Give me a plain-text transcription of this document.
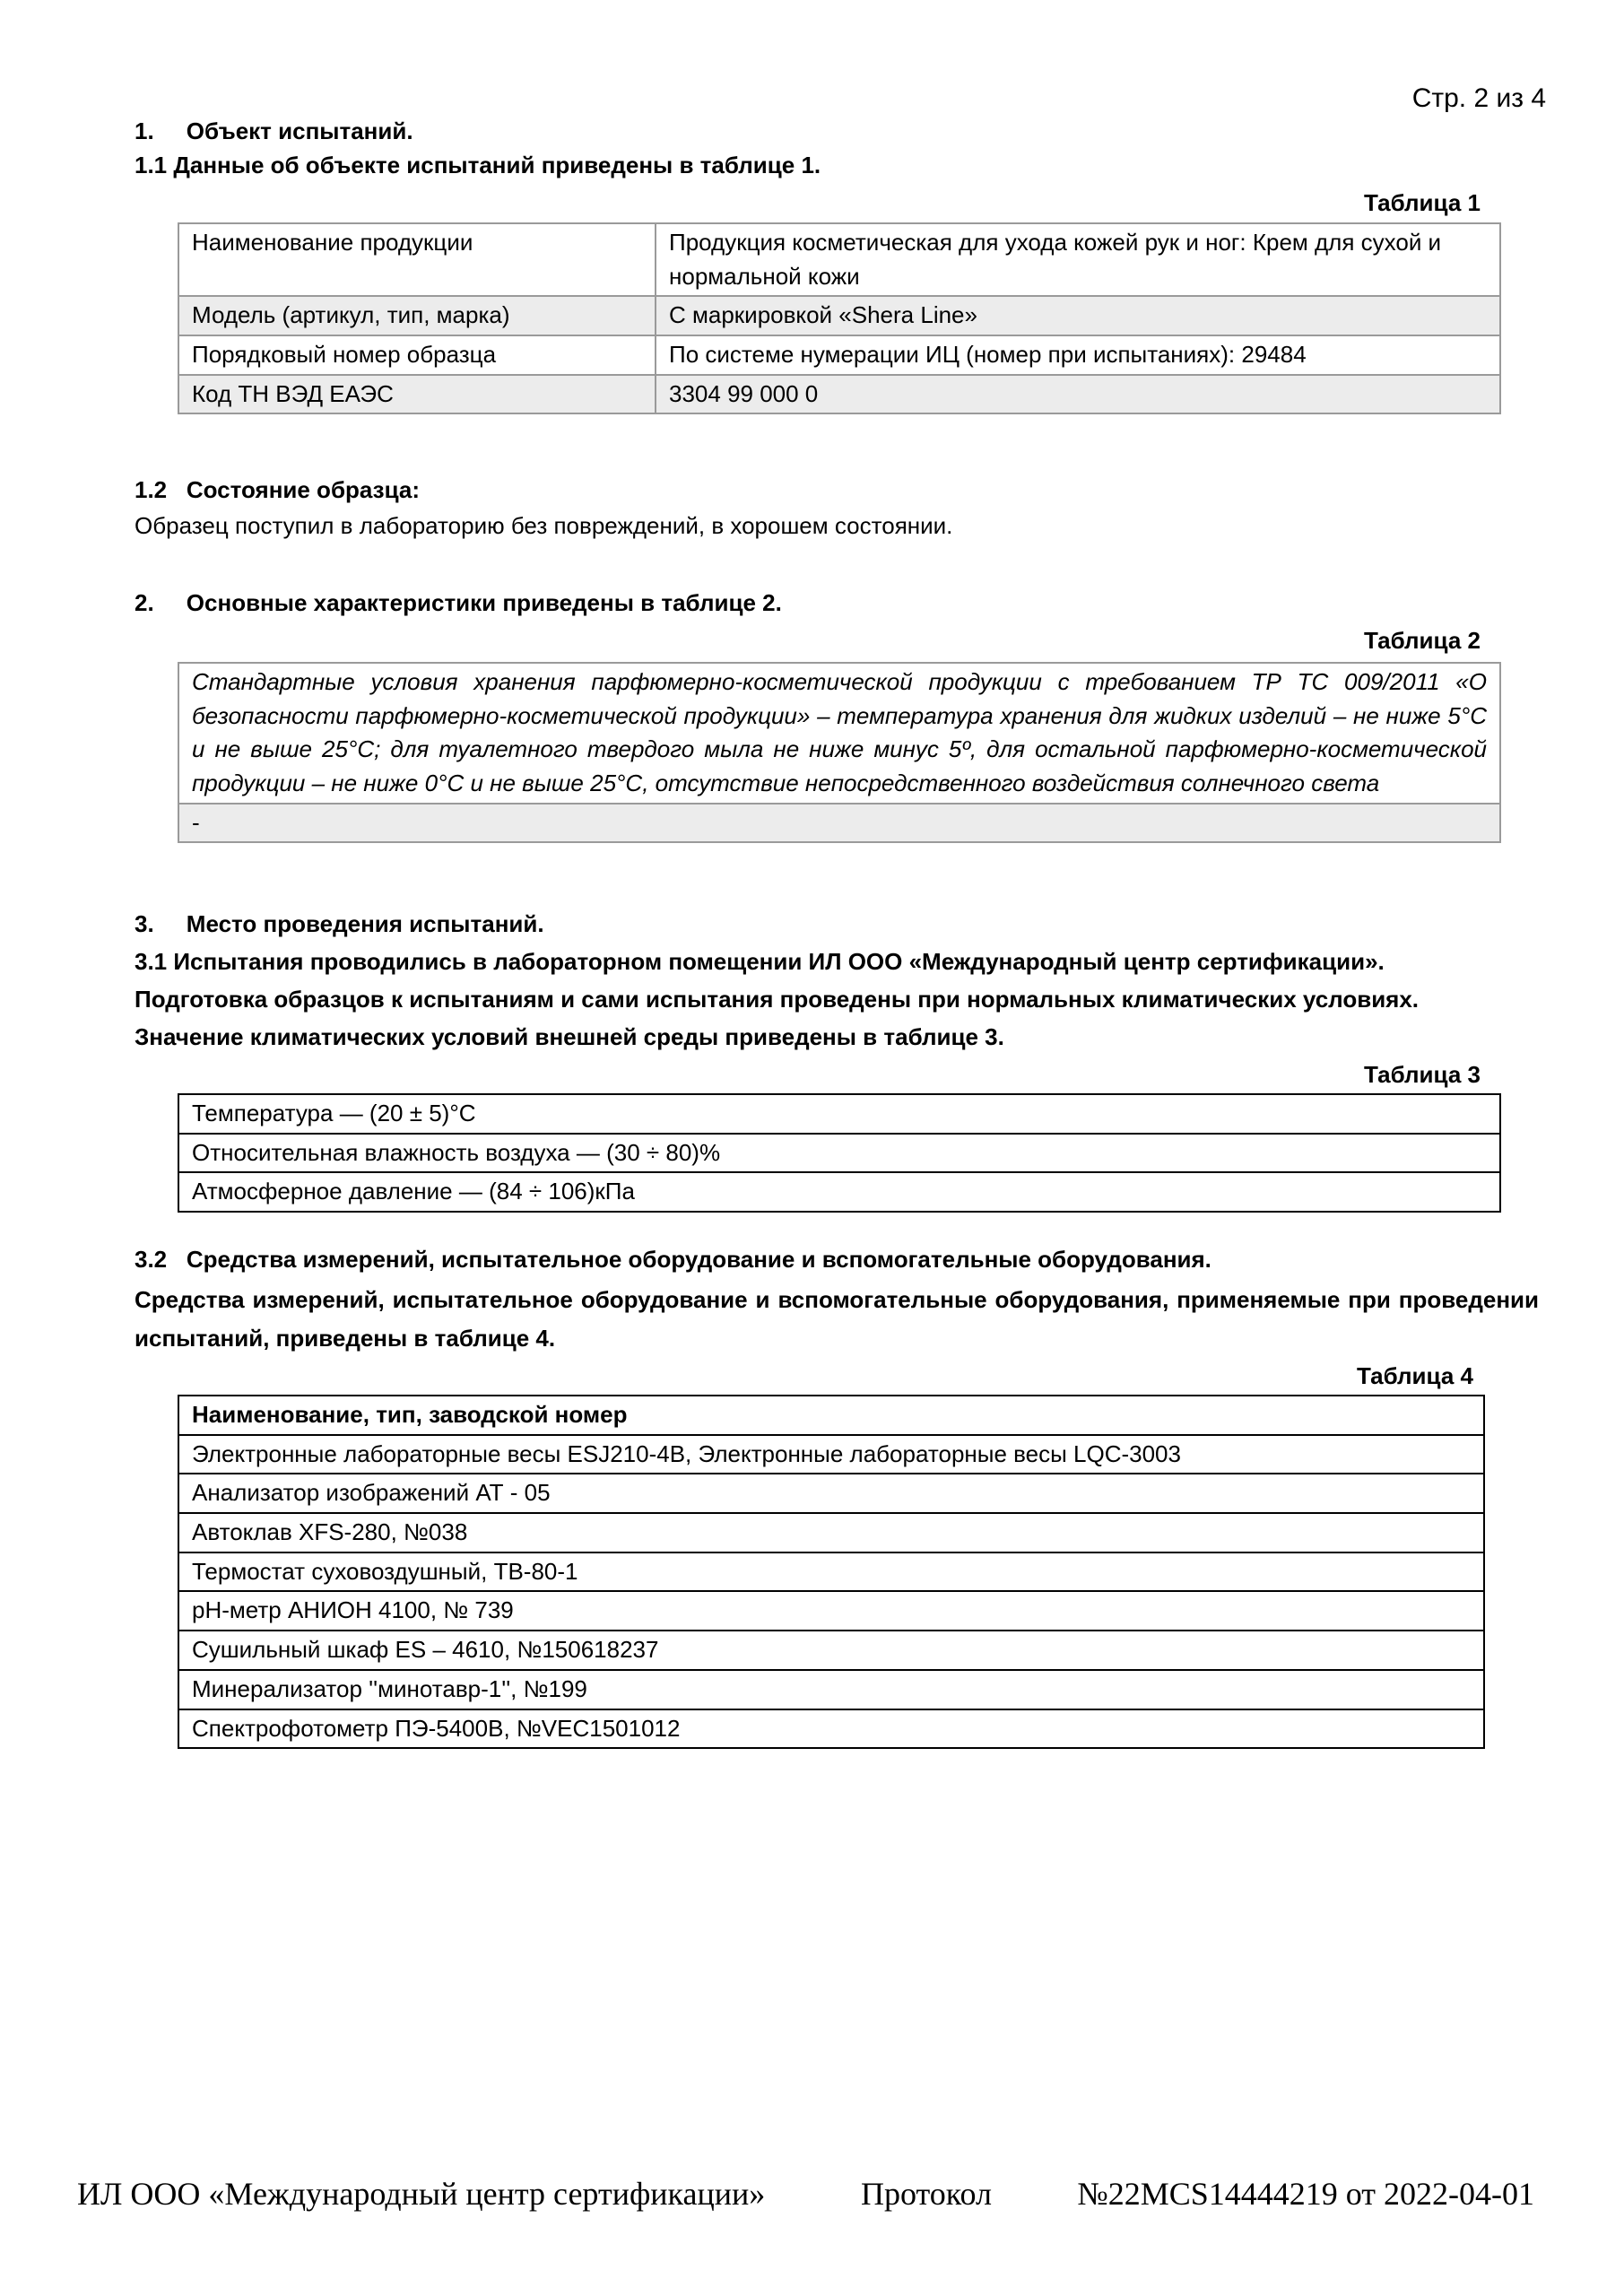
Стр. 2 из 4
1.     Объект испытаний.
1.1 Данные об объекте испытаний приведены в таблице 1.
Таблица 1
Наименование продукции	Продукция косметическая для ухода кожей рук и ног: Крем для сухой и нормальной кожи
Модель (артикул, тип, марка)	С маркировкой «Shera Line»
Порядковый номер образца	По системе нумерации ИЦ (номер при испытаниях): 29484
Код ТН ВЭД ЕАЭС	3304 99 000 0
1.2   Состояние образца:
Образец поступил в лабораторию без повреждений, в хорошем состоянии.
2.     Основные характеристики приведены в таблице 2.
Таблица 2
Стандартные условия хранения парфюмерно-косметической продукции с требованием ТР ТС 009/2011 «О безопасности парфюмерно-косметической продукции» – температура хранения для жидких изделий – не ниже 5°С и не выше 25°С; для туалетного твердого мыла не ниже минус 5º, для остальной парфюмерно-косметической продукции – не ниже 0°С и не выше 25°С, отсутствие непосредственного воздействия солнечного света
-
3.     Место проведения испытаний.
3.1 Испытания проводились в лабораторном помещении ИЛ ООО «Международный центр сертификации».
Подготовка образцов к испытаниям и сами испытания проведены при нормальных климатических условиях.
Значение климатических условий внешней среды приведены в таблице 3.
Таблица 3
Температура — (20 ± 5)°С
Относительная влажность воздуха — (30 ÷ 80)%
Атмосферное давление — (84 ÷ 106)кПа
3.2   Средства измерений, испытательное оборудование и вспомогательные оборудования.
Средства измерений, испытательное оборудование и вспомогательные оборудования, применяемые при проведении испытаний, приведены в таблице 4.
Таблица 4
Наименование, тип, заводской номер
Электронные лабораторные весы ESJ210-4B, Электронные лабораторные весы LQC-3003
Анализатор изображений АТ - 05
Автоклав XFS-280, №038
Термостат суховоздушный, ТВ-80-1
pH-метр АНИОН 4100, № 739
Сушильный шкаф ES – 4610, №150618237
Минерализатор ''минотавр-1'', №199
Спектрофотометр ПЭ-5400В, №VEC1501012
ИЛ ООО «Международный центр сертификации»	Протокол	№22MCS14444219 от 2022-04-01
